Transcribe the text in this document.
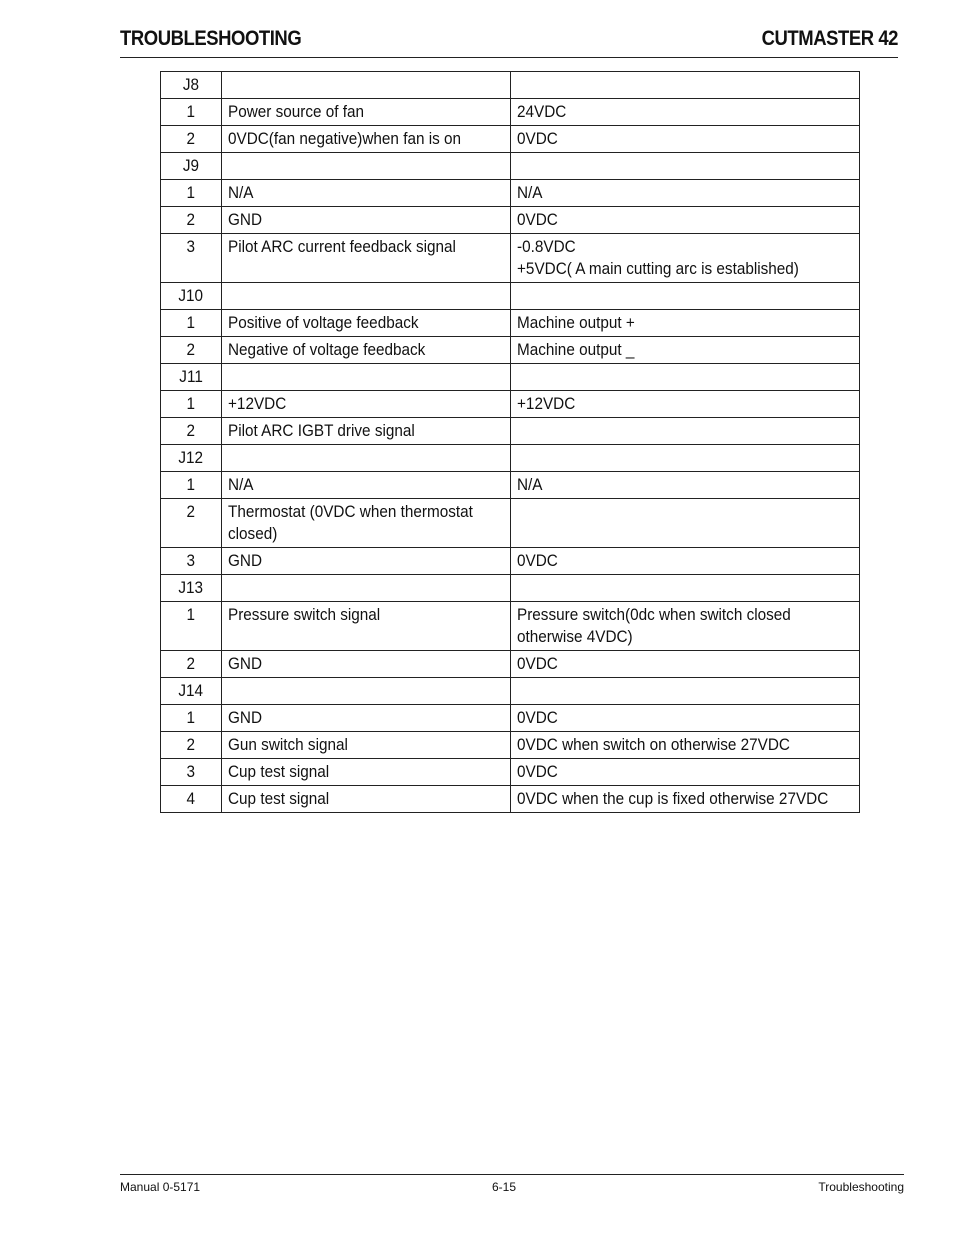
TROUBLESHOOTING	CUTMASTER 42
J8		
1	Power source of fan	24VDC
2	0VDC(fan negative)when fan is on	0VDC
J9		
1	N/A	N/A
2	GND	0VDC
3	Pilot ARC current feedback signal	-0.8VDC
+5VDC( A main cutting arc is established)
J10		
1	Positive of voltage feedback	Machine output +
2	Negative of voltage feedback	Machine output _
J11		
1	+12VDC	+12VDC
2	Pilot ARC IGBT drive signal	
J12		
1	N/A	N/A
2	Thermostat (0VDC when thermostat closed)	
3	GND	0VDC
J13		
1	Pressure switch signal	Pressure switch(0dc when switch closed otherwise 4VDC)
2	GND	0VDC
J14		
1	GND	0VDC
2	Gun switch signal	0VDC when switch on otherwise 27VDC
3	Cup test signal	0VDC
4	Cup test signal	0VDC when the cup is fixed otherwise 27VDC
Manual 0-5171	6-15	Troubleshooting
